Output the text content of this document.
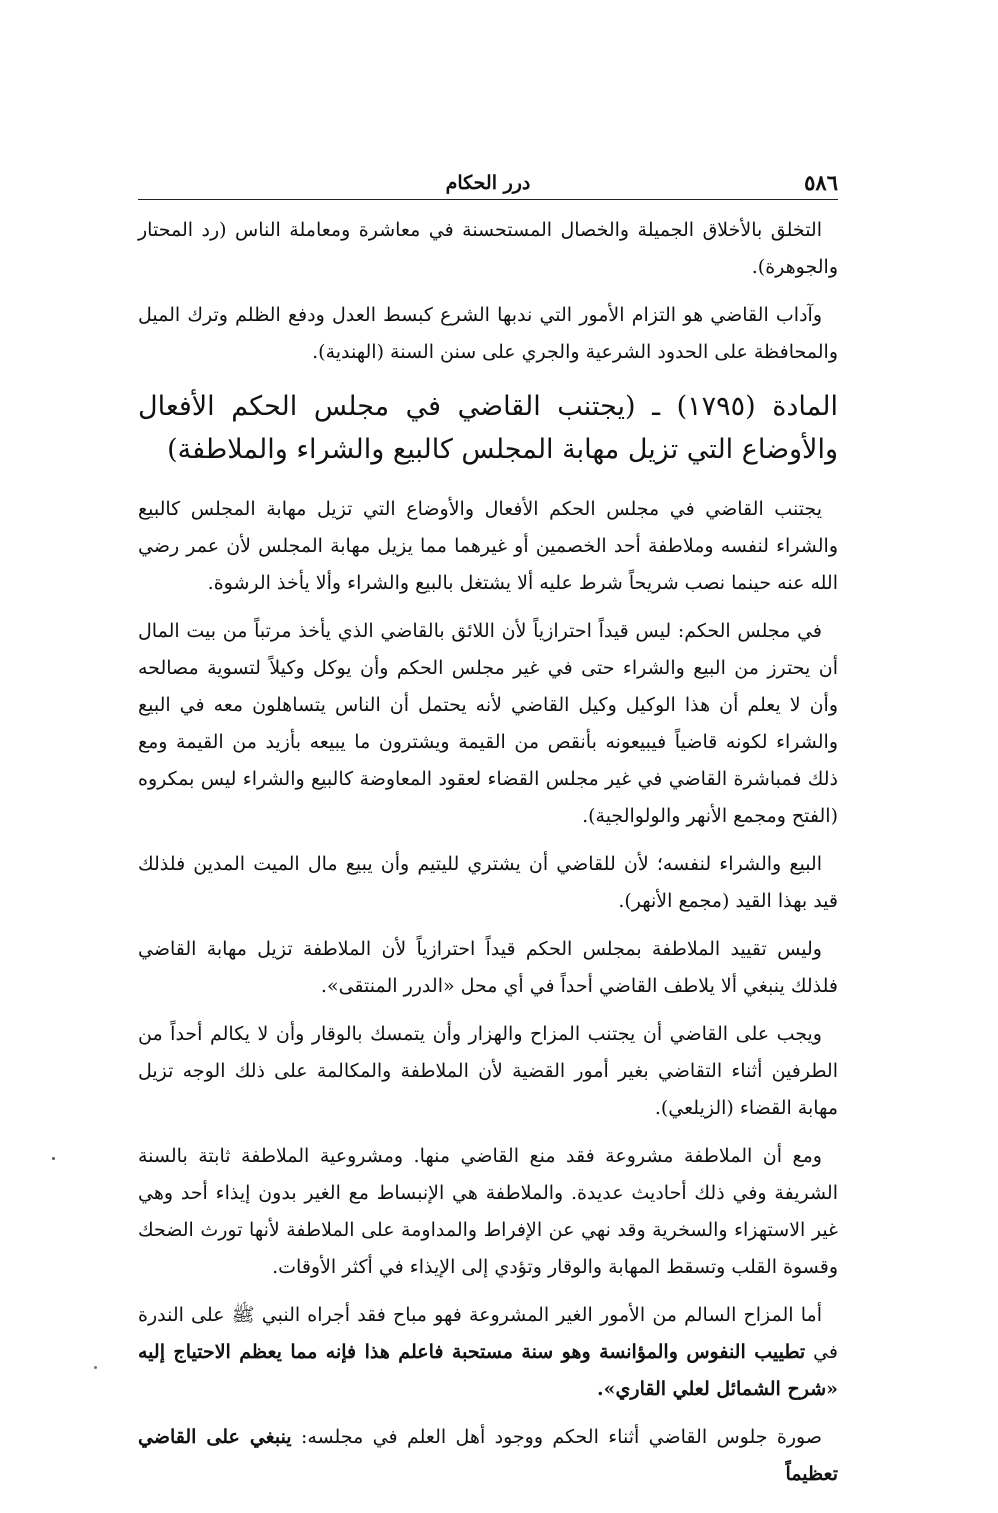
٥٨٦
درر الحكام

التخلق بالأخلاق الجميلة والخصال المستحسنة في معاشرة ومعاملة الناس (رد المحتار والجوهرة).

وآداب القاضي هو التزام الأمور التي ندبها الشرع كبسط العدل ودفع الظلم وترك الميل والمحافظة على الحدود الشرعية والجري على سنن السنة (الهندية).

المادة (١٧٩٥) ـ (يجتنب القاضي في مجلس الحكم الأفعال والأوضاع التي تزيل مهابة المجلس كالبيع والشراء والملاطفة)

يجتنب القاضي في مجلس الحكم الأفعال والأوضاع التي تزيل مهابة المجلس كالبيع والشراء لنفسه وملاطفة أحد الخصمين أو غيرهما مما يزيل مهابة المجلس لأن عمر رضي الله عنه حينما نصب شريحاً شرط عليه ألا يشتغل بالبيع والشراء وألا يأخذ الرشوة.

في مجلس الحكم: ليس قيداً احترازياً لأن اللائق بالقاضي الذي يأخذ مرتباً من بيت المال أن يحترز من البيع والشراء حتى في غير مجلس الحكم وأن يوكل وكيلاً لتسوية مصالحه وأن لا يعلم أن هذا الوكيل وكيل القاضي لأنه يحتمل أن الناس يتساهلون معه في البيع والشراء لكونه قاضياً فيبيعونه بأنقص من القيمة ويشترون ما يبيعه بأزيد من القيمة ومع ذلك فمباشرة القاضي في غير مجلس القضاء لعقود المعاوضة كالبيع والشراء ليس بمكروه (الفتح ومجمع الأنهر والولوالجية).

البيع والشراء لنفسه؛ لأن للقاضي أن يشتري لليتيم وأن يبيع مال الميت المدين فلذلك قيد بهذا القيد (مجمع الأنهر).

وليس تقييد الملاطفة بمجلس الحكم قيداً احترازياً لأن الملاطفة تزيل مهابة القاضي فلذلك ينبغي ألا يلاطف القاضي أحداً في أي محل «الدرر المنتقى».

ويجب على القاضي أن يجتنب المزاح والهزار وأن يتمسك بالوقار وأن لا يكالم أحداً من الطرفين أثناء التقاضي بغير أمور القضية لأن الملاطفة والمكالمة على ذلك الوجه تزيل مهابة القضاء (الزيلعي).

ومع أن الملاطفة مشروعة فقد منع القاضي منها. ومشروعية الملاطفة ثابتة بالسنة الشريفة وفي ذلك أحاديث عديدة. والملاطفة هي الإنبساط مع الغير بدون إيذاء أحد وهي غير الاستهزاء والسخرية وقد نهي عن الإفراط والمداومة على الملاطفة لأنها تورث الضحك وقسوة القلب وتسقط المهابة والوقار وتؤدي إلى الإيذاء في أكثر الأوقات.

أما المزاح السالم من الأمور الغير المشروعة فهو مباح فقد أجراه النبي ﷺ على الندرة في تطييب النفوس والمؤانسة وهو سنة مستحبة فاعلم هذا فإنه مما يعظم الاحتياج إليه «شرح الشمائل لعلي القاري».

صورة جلوس القاضي أثناء الحكم ووجود أهل العلم في مجلسه: ينبغي على القاضي تعظيماً
